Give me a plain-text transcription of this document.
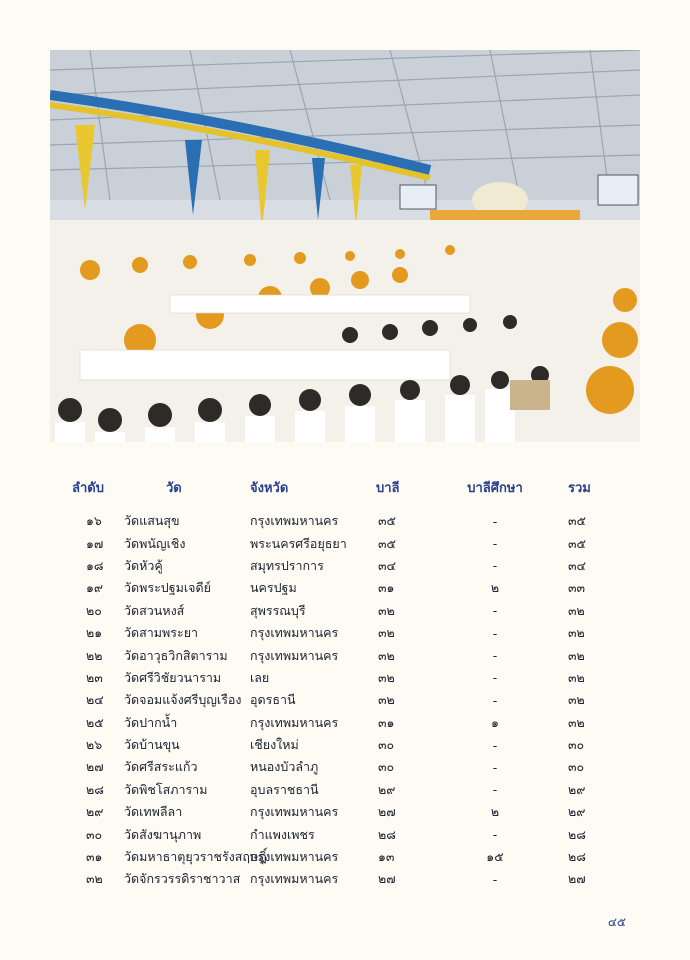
ลำดับ	วัด	จังหวัด	บาลี	บาลีศึกษา	รวม
๑๖	วัดแสนสุข	กรุงเทพมหานคร	๓๕	-	๓๕
๑๗	วัดพนัญเชิง	พระนครศรีอยุธยา	๓๕	-	๓๕
๑๘	วัดหัวคู้	สมุทรปราการ	๓๔	-	๓๔
๑๙	วัดพระปฐมเจดีย์	นครปฐม	๓๑	๒	๓๓
๒๐	วัดสวนหงส์	สุพรรณบุรี	๓๒	-	๓๒
๒๑	วัดสามพระยา	กรุงเทพมหานคร	๓๒	-	๓๒
๒๒	วัดอาวุธวิกสิตาราม	กรุงเทพมหานคร	๓๒	-	๓๒
๒๓	วัดศรีวิชัยวนาราม	เลย	๓๒	-	๓๒
๒๔	วัดจอมแจ้งศรีบุญเรือง	อุดรธานี	๓๒	-	๓๒
๒๕	วัดปากน้ำ	กรุงเทพมหานคร	๓๑	๑	๓๒
๒๖	วัดบ้านขุน	เชียงใหม่	๓๐	-	๓๐
๒๗	วัดศรีสระแก้ว	หนองบัวลำภู	๓๐	-	๓๐
๒๘	วัดพิชโสภาราม	อุบลราชธานี	๒๙	-	๒๙
๒๙	วัดเทพลีลา	กรุงเทพมหานคร	๒๗	๒	๒๙
๓๐	วัดสังฆานุภาพ	กำแพงเพชร	๒๘	-	๒๘
๓๑	วัดมหาธาตุยุวราชรังสฤษฎิ์	กรุงเทพมหานคร	๑๓	๑๕	๒๘
๓๒	วัดจักรวรรดิราชาวาส	กรุงเทพมหานคร	๒๗	-	๒๗
๔๕
